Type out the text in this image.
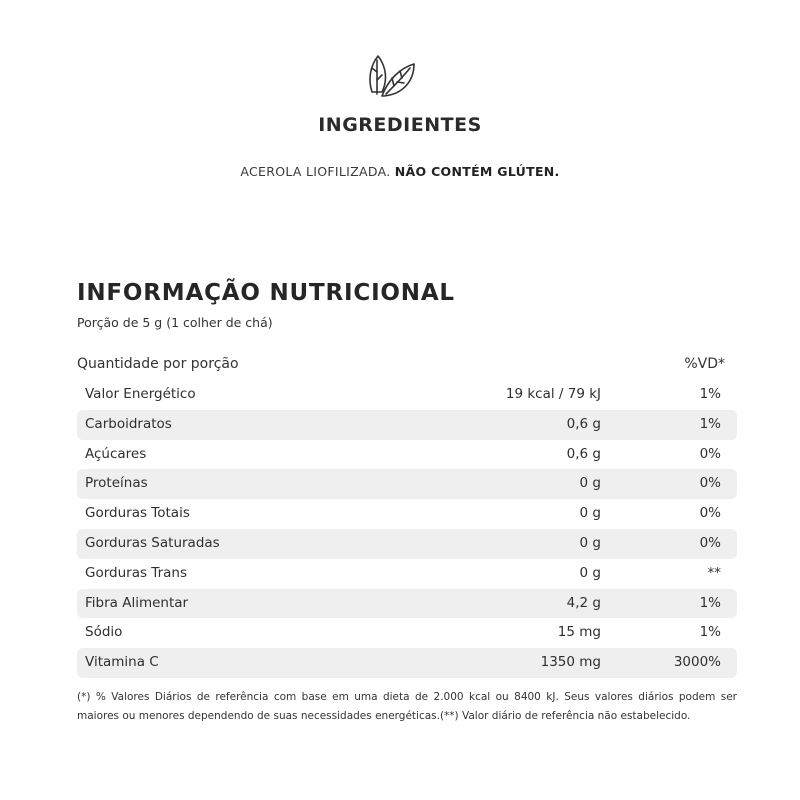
INGREDIENTES
ACEROLA LIOFILIZADA. NÃO CONTÉM GLÚTEN.
INFORMAÇÃO NUTRICIONAL
Porção de 5 g (1 colher de chá)
Quantidade por porção	%VD*
Valor Energético	19 kcal / 79 kJ	1%
Carboidratos	0,6 g	1%
Açúcares	0,6 g	0%
Proteínas	0 g	0%
Gorduras Totais	0 g	0%
Gorduras Saturadas	0 g	0%
Gorduras Trans	0 g	**
Fibra Alimentar	4,2 g	1%
Sódio	15 mg	1%
Vitamina C	1350 mg	3000%
(*) % Valores Diários de referência com base em uma dieta de 2.000 kcal ou 8400 kJ. Seus valores diários podem ser maiores ou menores dependendo de suas necessidades energéticas.(**) Valor diário de referência não estabelecido.
